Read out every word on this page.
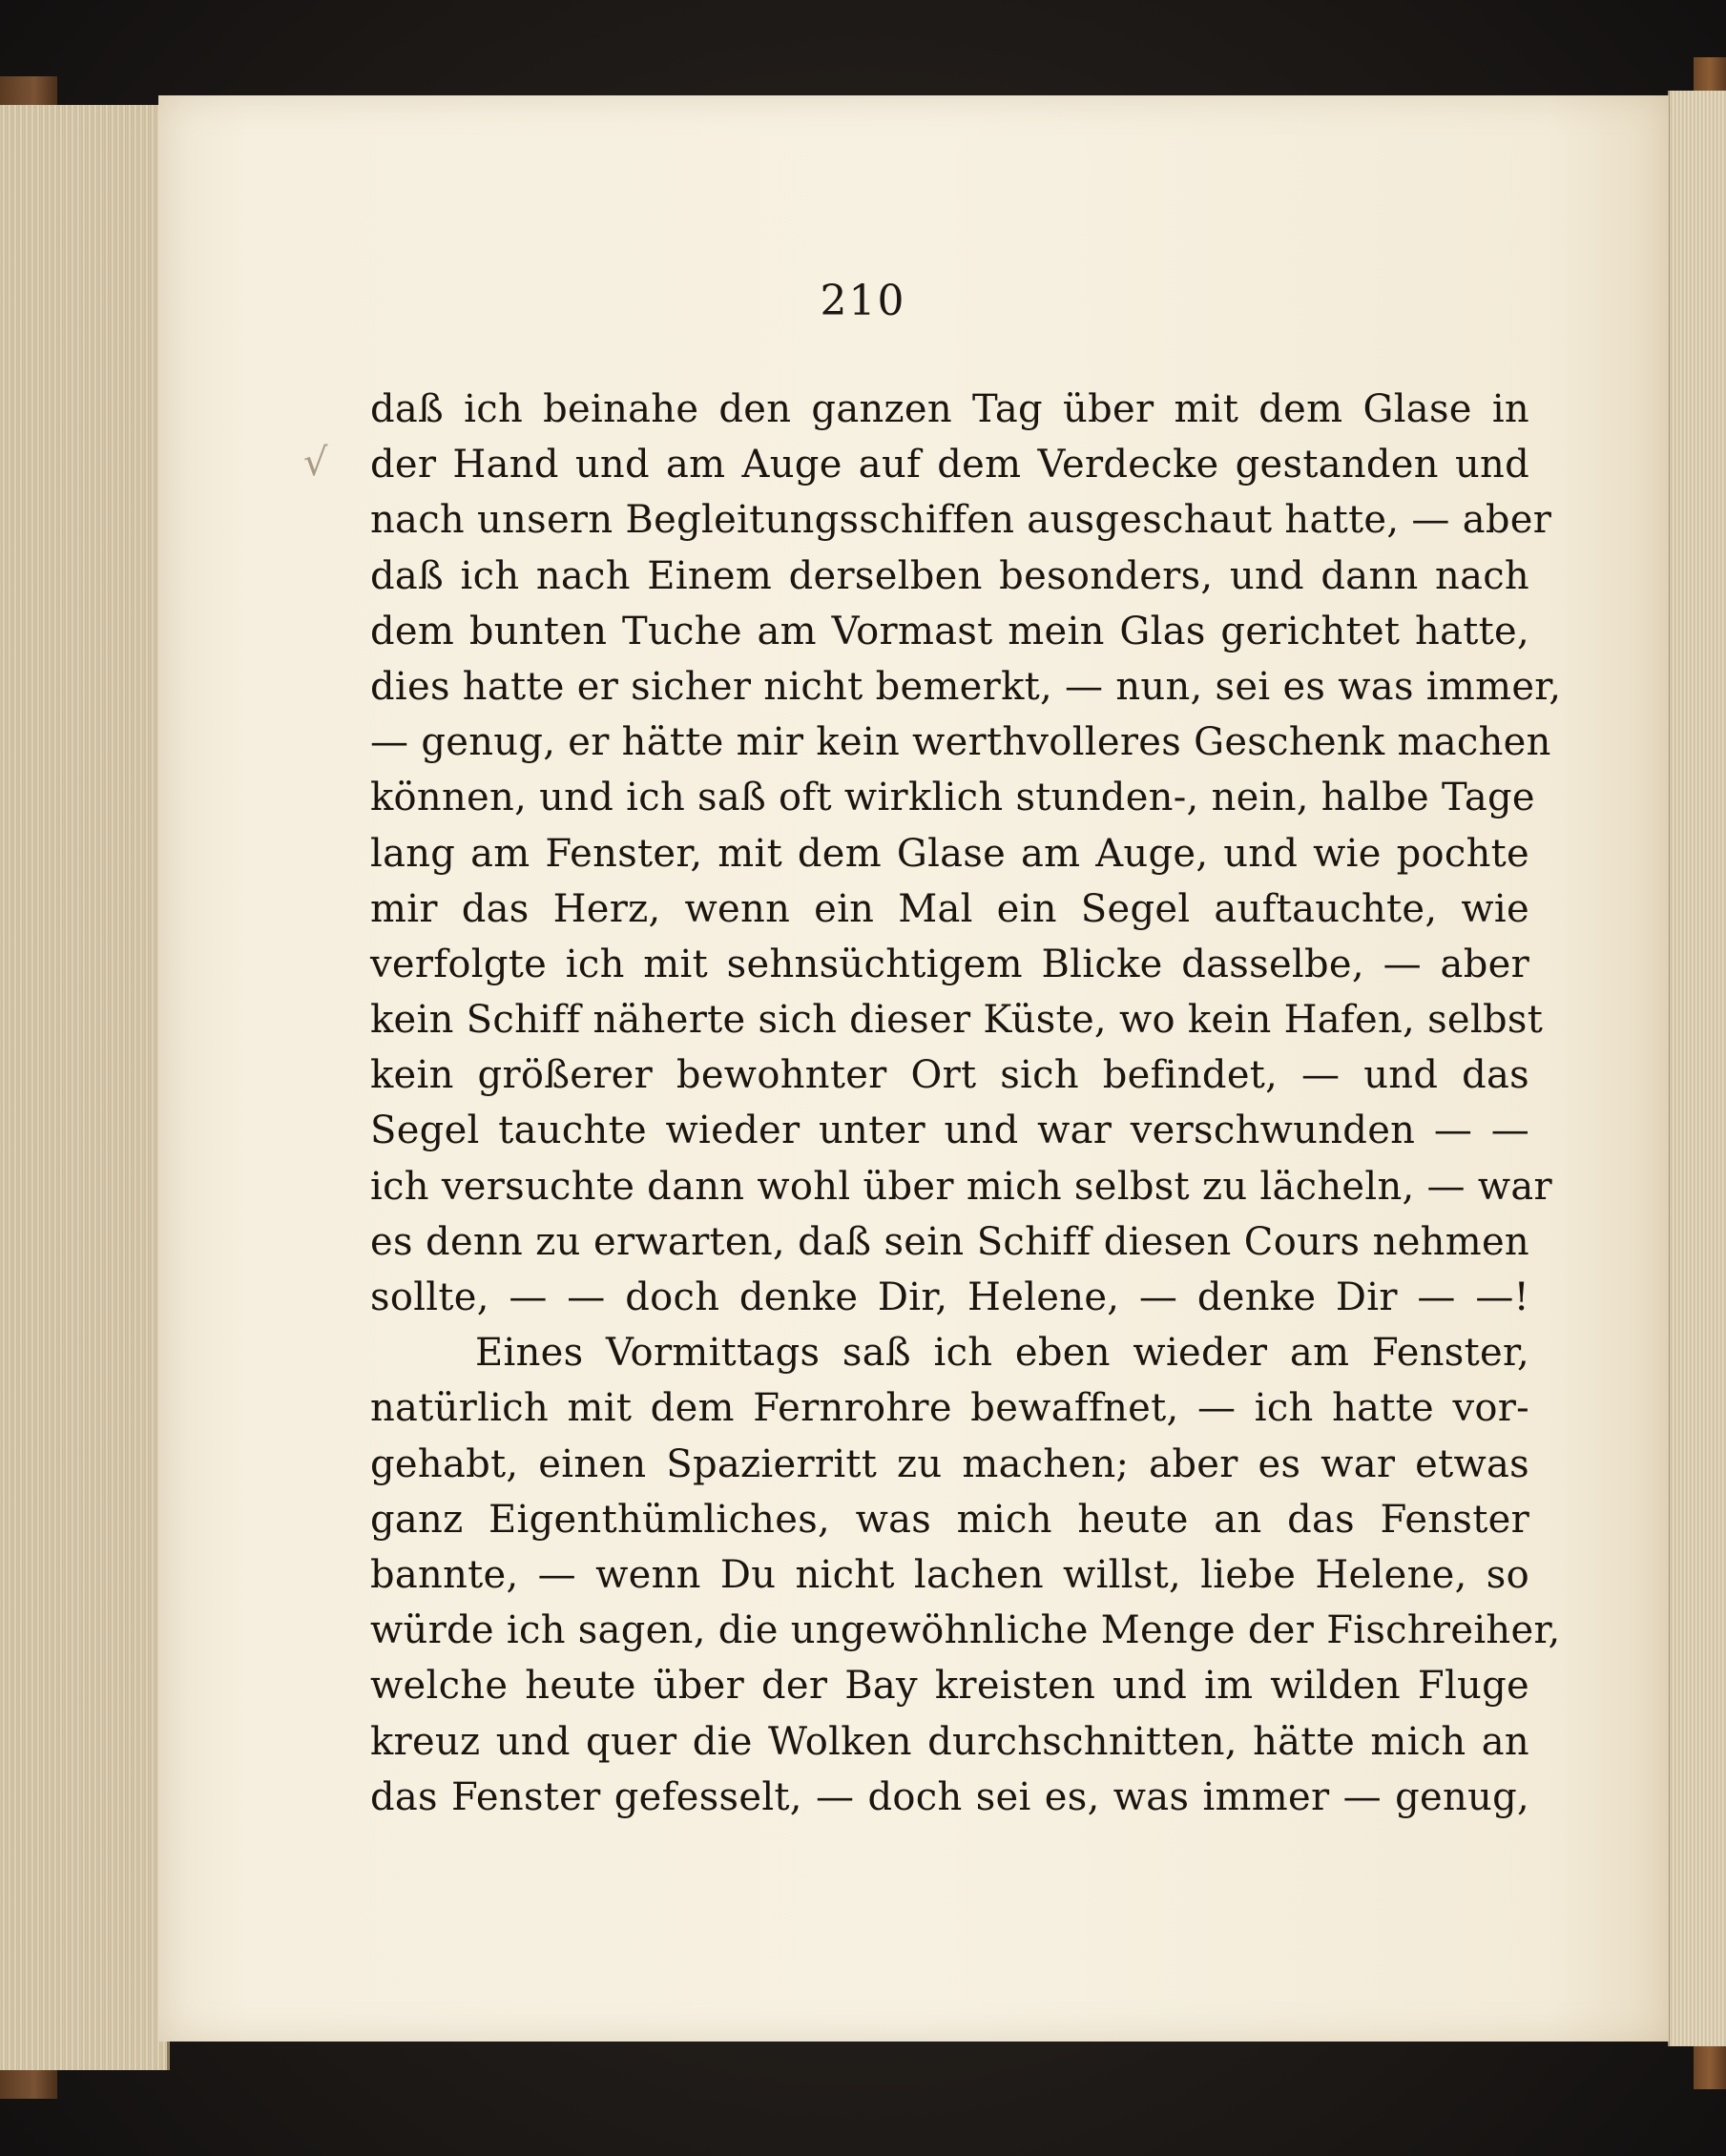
√
210
daß ich beinahe den ganzen Tag über mit dem Glase in
der Hand und am Auge auf dem Verdecke gestanden und
nach unsern Begleitungsschiffen ausgeschaut hatte, — aber
daß ich nach Einem derselben besonders, und dann nach
dem bunten Tuche am Vormast mein Glas gerichtet hatte,
dies hatte er sicher nicht bemerkt, — nun, sei es was immer,
— genug, er hätte mir kein werthvolleres Geschenk machen
können, und ich saß oft wirklich stunden-, nein, halbe Tage
lang am Fenster, mit dem Glase am Auge, und wie pochte
mir das Herz, wenn ein Mal ein Segel auftauchte, wie
verfolgte ich mit sehnsüchtigem Blicke dasselbe, — aber
kein Schiff näherte sich dieser Küste, wo kein Hafen, selbst
kein größerer bewohnter Ort sich befindet, — und das
Segel tauchte wieder unter und war verschwunden — —
ich versuchte dann wohl über mich selbst zu lächeln, — war
es denn zu erwarten, daß sein Schiff diesen Cours nehmen
sollte, — — doch denke Dir, Helene, — denke Dir — —!
Eines Vormittags saß ich eben wieder am Fenster,
natürlich mit dem Fernrohre bewaffnet, — ich hatte vor-
gehabt, einen Spazierritt zu machen; aber es war etwas
ganz Eigenthümliches, was mich heute an das Fenster
bannte, — wenn Du nicht lachen willst, liebe Helene, so
würde ich sagen, die ungewöhnliche Menge der Fischreiher,
welche heute über der Bay kreisten und im wilden Fluge
kreuz und quer die Wolken durchschnitten, hätte mich an
das Fenster gefesselt, — doch sei es, was immer — genug,
